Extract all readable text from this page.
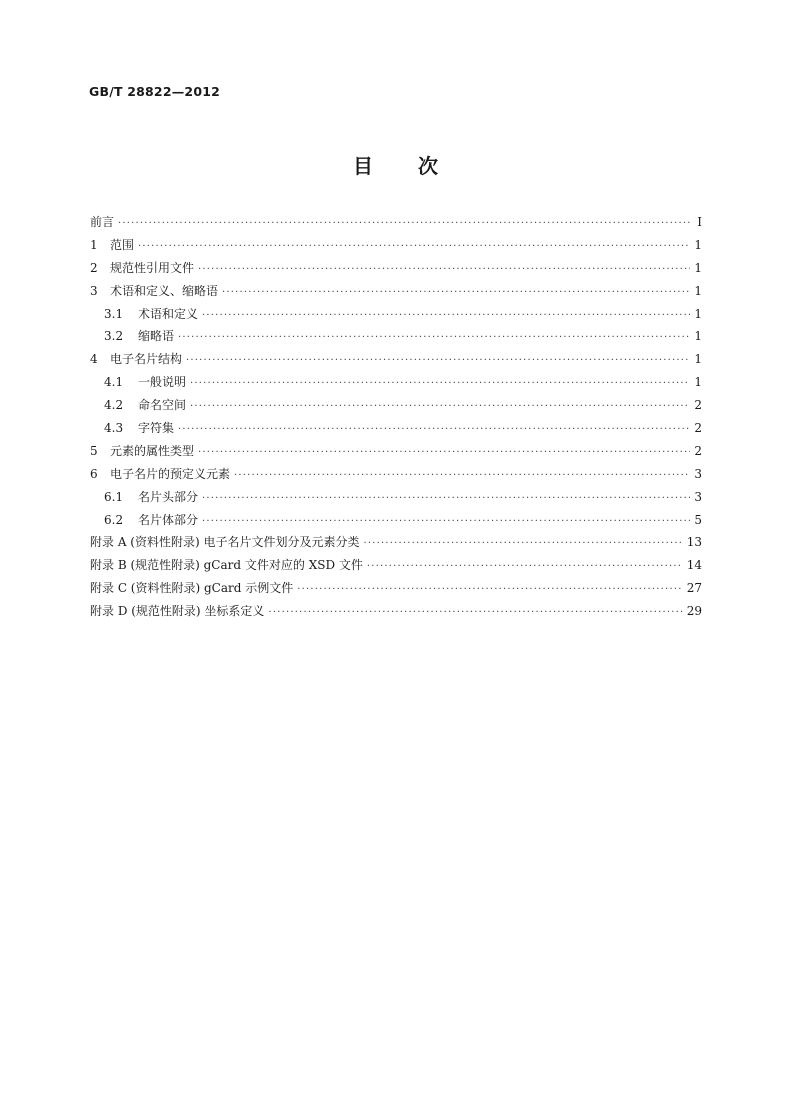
GB/T 28822—2012
目 次
前言 ·····	Ⅰ
1 范围 ·····	1
2 规范性引用文件 ·····	1
3 术语和定义、缩略语 ·····	1
3.1 术语和定义 ·····	1
3.2 缩略语 ·····	1
4 电子名片结构 ·····	1
4.1 一般说明 ·····	1
4.2 命名空间 ·····	2
4.3 字符集 ·····	2
5 元素的属性类型 ·····	2
6 电子名片的预定义元素 ·····	3
6.1 名片头部分 ·····	3
6.2 名片体部分 ·····	5
附录 A (资料性附录) 电子名片文件划分及元素分类 ·····	13
附录 B (规范性附录) gCard 文件对应的 XSD 文件 ·····	14
附录 C (资料性附录) gCard 示例文件 ·····	27
附录 D (规范性附录) 坐标系定义 ·····	29
